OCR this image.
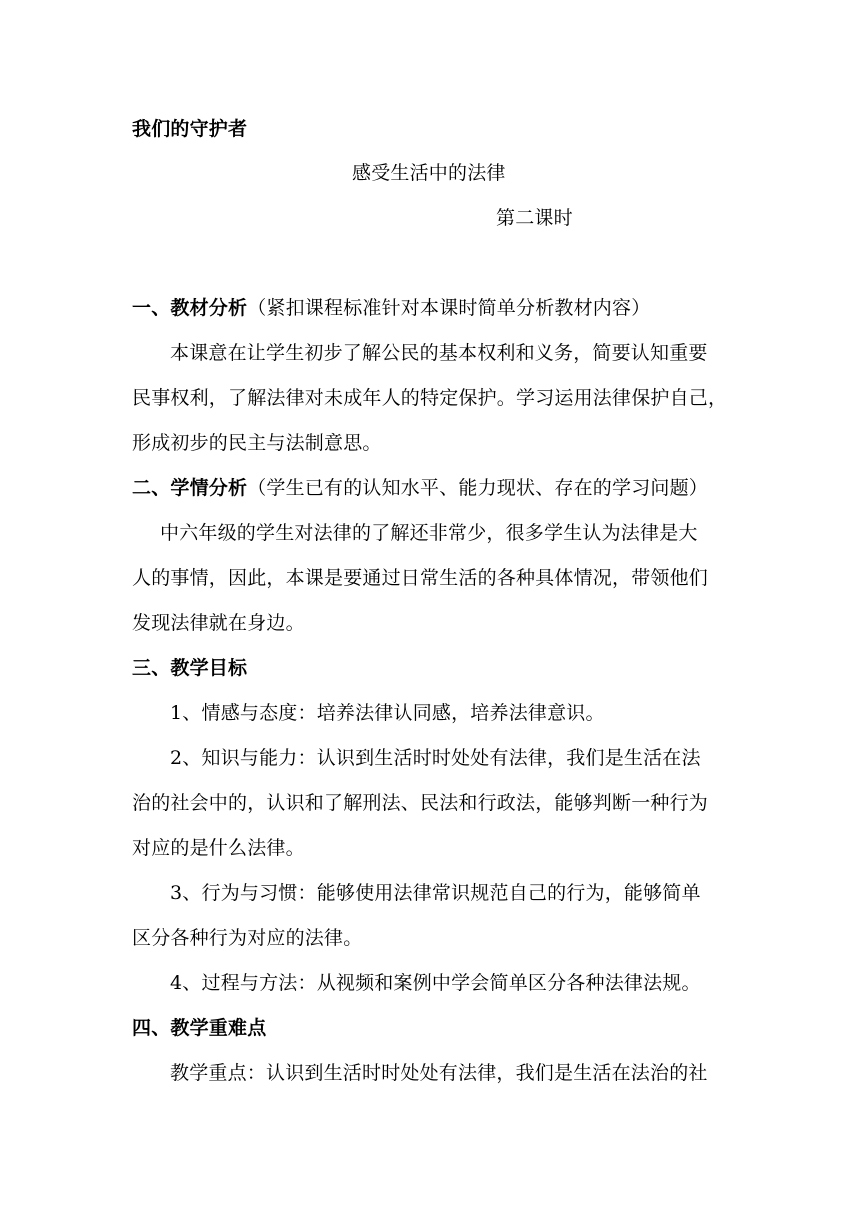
我们的守护者
感受生活中的法律
第二课时
一、教材分析（紧扣课程标准针对本课时简单分析教材内容）
本课意在让学生初步了解公民的基本权利和义务，简要认知重要
民事权利，了解法律对未成年人的特定保护。学习运用法律保护自己，
形成初步的民主与法制意思。
二、学情分析（学生已有的认知水平、能力现状、存在的学习问题）
中六年级的学生对法律的了解还非常少，很多学生认为法律是大
人的事情，因此，本课是要通过日常生活的各种具体情况，带领他们
发现法律就在身边。
三、教学目标
1、情感与态度：培养法律认同感，培养法律意识。
2、知识与能力：认识到生活时时处处有法律，我们是生活在法
治的社会中的，认识和了解刑法、民法和行政法，能够判断一种行为
对应的是什么法律。
3、行为与习惯：能够使用法律常识规范自己的行为，能够简单
区分各种行为对应的法律。
4、过程与方法：从视频和案例中学会简单区分各种法律法规。
四、教学重难点
教学重点：认识到生活时时处处有法律，我们是生活在法治的社
